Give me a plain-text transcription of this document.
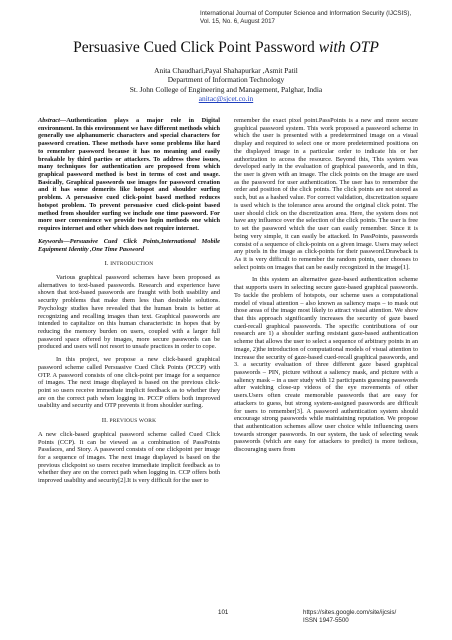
International Journal of Computer Science and Information Security (IJCSIS),
Vol. 15, No. 6, August 2017
Persuasive Cued Click Point Password with OTP
Anita Chaudhari,Payal Shahapurkar ,Asmit Patil
Department of Information Technology
St. John College of Engineering and Management, Palghar, India
anitac@sjcet.co.in

Abstract—Authentication plays a major role in Digital environment. In this environment we have different methods which generally use alphanumeric characters and special characters for password creation. These methods have some problems like hard to remember password because it has no meaning and easily breakable by third parties or attackers. To address these issues, many techniques for authentication are proposed from which graphical password method is best in terms of cost and usage. Basically, Graphical passwords use images for password creation and it has some demerits like hotspot and shoulder surfing problem. A persuasive cued click-point based method reduces hotspot problem. To prevent persuasive cued click-point based method from shoulder surfing we include one time password. For more user convenience we provide two login methods one which requires internet and other which does not require internet.

Keywords—Persuasive Cued Click Points,International Mobile Equipment Identity ,One Time Password

I. INTRODUCTION

Various graphical password schemes have been proposed as alternatives to text-based passwords. Research and experience have shown that text-based passwords are fraught with both usability and security problems that make them less than desirable solutions. Psychology studies have revealed that the human brain is better at recognizing and recalling images than text. Graphical passwords are intended to capitalize on this human characteristic in hopes that by reducing the memory burden on users, coupled with a larger full password space offered by images, more secure passwords can be produced and users will not resort to unsafe practices in order to cope.

In this project, we propose a new click-based graphical password scheme called Persuasive Cued Click Points (PCCP) with OTP. A password consists of one click-point per image for a sequence of images. The next image displayed is based on the previous click-point so users receive immediate implicit feedback as to whether they are on the correct path when logging in. PCCP offers both improved usability and security and OTP prevents it from shoulder surfing.

II. PREVIOUS WORK

A new click-based graphical password scheme called Cued Click Points (CCP). It can be viewed as a combination of PassPoints Passfaces, and Story. A password consists of one clickpoint per image for a sequence of images. The next image displayed is based on the previous clickpoint so users receive immediate implicit feedback as to whether they are on the correct path when logging in. CCP offers both improved usability and security[2].It is very difficult for the user to

remember the exact pixel point.PassPoints is a new and more secure graphical password system. This work proposed a password scheme in which the user is presented with a predetermined image on a visual display and required to select one or more predetermined positions on the displayed image in a particular order to indicate his or her authorization to access the resource. Beyond this, This system was developed early in the evaluation of graphical passwords, and in this, the user is given with an image. The click points on the image are used as the password for user authentication. The user has to remember the order and position of the click points. The click points are not stored as such, but as a hashed value. For correct validation, discretization square is used which is the tolerance area around the original click point. The user should click on the discretization area. Here, the system does not have any influence over the selection of the click points. The user is free to set the password which the user can easily remember. Since it is being very simple, it can easily be attacked. In PassPoints, passwords consist of a sequence of click-points on a given image. Users may select any pixels in the image as click-points for their password.Drawback is As it is very difficult to remember the random points, user chooses to select points on images that can be easily recognized in the image[1].

In this system an alternative gaze-based authentication scheme that supports users in selecting secure gaze-based graphical passwords. To tackle the problem of hotspots, our scheme uses a computational model of visual attention – also known as saliency maps – to mask out those areas of the image most likely to attract visual attention. We show that this approach significantly increases the security of gaze based cued-recall graphical passwords. The specific contributions of our research are 1) a shoulder surfing resistant gaze-based authentication scheme that allows the user to select a sequence of arbitrary points in an image, 2)the introduction of computational models of visual attention to increase the security of gaze-based cued-recall graphical passwords, and 3. a security evaluation of three different gaze based graphical passwords – PIN, picture without a saliency mask, and picture with a saliency mask – in a user study with 12 participants guessing passwords after watching close-up videos of the eye movements of other users.Users often create memorable passwords that are easy for attackers to guess, but strong system-assigned passwords are difficult for users to remember[3]. A password authentication system should encourage strong passwords while maintaining reputation. We propose that authentication schemes allow user choice while influencing users towards stronger passwords. In our system, the task of selecting weak passwords (which are easy for attackers to predict) is more tedious, discouraging users from

101	https://sites.google.com/site/ijcsis/
ISSN 1947-5500
